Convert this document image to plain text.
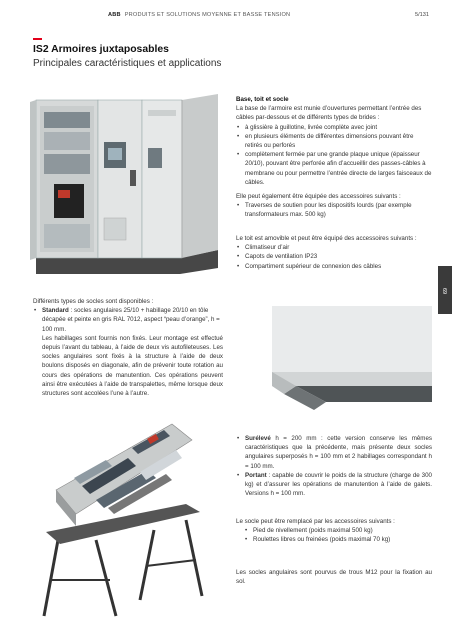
ABB PRODUITS ET SOLUTIONS MOYENNE ET BASSE TENSION	5/131
IS2 Armoires juxtaposables
Principales caractéristiques et applications

Base, toit et socle

La base de l’armoire est munie d’ouvertures permettant l’entrée des câbles par-dessous et de différents types de brides :

• à glissière à guillotine, livrée complète avec joint
• en plusieurs éléments de différentes dimensions pouvant être retirés ou perforés
• complètement fermée par une grande plaque unique (épaisseur 20/10), pouvant être perforée afin d’accueillir des passes-câbles à membrane ou pour permettre l’entrée directe de larges faisceaux de câbles.

Elle peut également être équipée des accessoires suivants :

• Traverses de soutien pour les dispositifs lourds (par exemple transformateurs max. 500 kg)

Le toit est amovible et peut être équipé des accessoires suivants :

• Climatiseur d’air
• Capots de ventilation IP23
• Compartiment supérieur de connexion des câbles
69

Différents types de socles sont disponibles :

• Standard : socles angulaires 25/10 + habillage 20/10 en tôle décapée et peinte en gris RAL 7012, aspect “peau d’orange”, h = 100 mm.

Les habillages sont fournis non fixés. Leur montage est effectué depuis l’avant du tableau, à l’aide de deux vis autofileteuses. Les socles angulaires sont fixés à la structure à l’aide de deux boulons disposés en diagonale, afin de prévenir toute rotation au cours des opérations de manutention. Ces opérations peuvent ainsi être exécutées à l’aide de transpalettes, même lorsque deux structures sont accolées l’une à l’autre.

• Surélevé h = 200 mm : cette version conserve les mêmes caractéristiques que la précédente, mais présente deux socles angulaires superposés h = 100 mm et 2 habillages correspondant h = 100 mm.
• Portant : capable de couvrir le poids de la structure (charge de 300 kg) et d’assurer les opérations de manutention à l’aide de galets. Versions h = 100 mm.

Le socle peut être remplacé par les accessoires suivants :

• Pied de nivellement (poids maximal 500 kg)
• Roulettes libres ou freinées (poids maximal 70 kg)
Les socles angulaires sont pourvus de trous M12 pour la fixation au sol.
